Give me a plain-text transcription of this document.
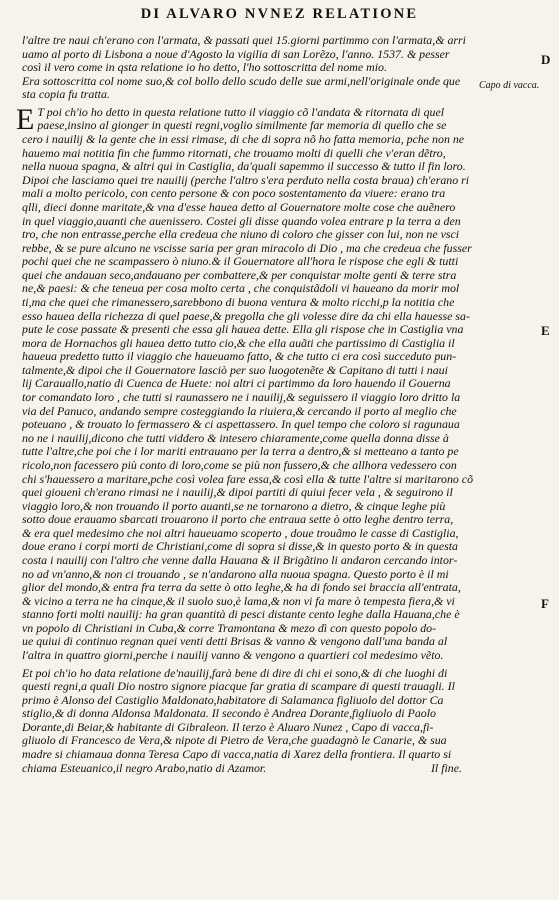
DI ALVARO NVNEZ RELATIONE
D
E
F
Capo di vacca.
l'altre tre naui ch'erano con l'armata, & passati quei 15.giorni partimmo con l'armata,& arri
uamo al porto di Lisbona a noue d'Agosto la vigilia di san Lorẽzo, l'anno. 1537. & pesser
così il vero come in qsta relatione io ho detto, l'ho sottoscritta del nome mio.
Era sottoscritta col nome suo,& col bollo dello scudo delle sue armi,nell'originale onde que
sta copia fu tratta.
E T poi ch'io ho detto in questa relatione tutto il viaggio cõ l'andata & ritornata di quel
paese,insino al gionger in questi regni,voglio similmente far memoria di quello che se
cero i nauilij & la gente che in essi rimase, di che di sopra nõ ho fatta memoria, pche non ne
hauemo mai notitia fin che fummo ritornati, che trouamo molti di quelli che v'eran dẽtro,
nella nuoua spagna, & altri qui in Castiglia, da'quali sapemmo il successo & tutto il fin loro.
Dipoi che lasciamo quei tre nauilij (perche l'altro s'era perduto nella costa braua) ch'erano ri
mali a molto pericolo, con cento persone & con poco sostentamento da viuere: erano tra
qlli, dieci donne maritate,& vna d'esse hauea detto al Gouernatore molte cose che auẽnero
in quel viaggio,auanti che auenissero. Costei gli disse quando volea entrare p la terra a den
tro, che non entrasse,perche ella credeua che niuno di coloro che gisser con lui, non ne vsci
rebbe, & se pure alcuno ne vscisse saria per gran miracolo di Dio , ma che credeua che fusser
pochi quei che ne scampassero ò niuno.& il Gouernatore all'hora le rispose che egli & tutti
quei che andauan seco,andauano per combattere,& per conquistar molte genti & terre stra
ne,& paesi: & che teneua per cosa molto certa , che conquistãdoli vi haueano da morir mol
ti,ma che quei che rimanessero,sarebbono di buona ventura & molto ricchi,p la notitia che
esso hauea della richezza di quel paese,& pregolla che gli volesse dire da chi ella hauesse sa-
pute le cose passate & presenti che essa gli hauea dette. Ella gli rispose che in Castiglia vna
mora de Hornachos gli hauea detto tutto cio,& che ella auãti che partissimo di Castiglia il
haueua predetto tutto il viaggio che haueuamo fatto, & che tutto ci era così succeduto pun-
talmente,& dipoi che il Gouernatore lasciò per suo luogotenẽte & Capitano di tutti i naui
lij Carauallo,natio di Cuenca de Huete: noi altri ci partimmo da loro hauendo il Gouerna
tor comandato loro , che tutti si raunassero ne i nauilij,& seguissero il viaggio loro dritto la
via del Panuco, andando sempre costeggiando la riuiera,& cercando il porto al meglio che
poteuano , & trouato lo fermassero & ci aspettassero. In quel tempo che coloro si ragunaua
no ne i nauilij,dicono che tutti viddero & intesero chiaramente,come quella donna disse à
tutte l'altre,che poi che i lor mariti entrauano per la terra a dentro,& si metteano a tanto pe
ricolo,non facessero più conto di loro,come se più non fussero,& che allhora vedessero con
chi s'hauessero a maritare,pche così volea fare essa,& così ella & tutte l'altre si maritarono cõ
quei giouenì ch'erano rimasi ne i nauilij,& dipoi partiti di quiui fecer vela , & seguirono il
viaggio loro,& non trouando il porto auanti,se ne tornarono a dietro, & cinque leghe più
sotto doue erauamo sbarcati trouarono il porto che entraua sette ò otto leghe dentro terra,
& era quel medesimo che noi altri haueuamo scoperto , doue trouãmo le casse di Castiglia,
doue erano i corpi morti de Christiani,come di sopra si disse,& in questo porto & in questa
costa i nauilij con l'altro che venne dalla Hauana & il Brigãtino li andaron cercando intor-
no ad vn'anno,& non ci trouando , se n'andarono alla nuoua spagna. Questo porto è il mi
glior del mondo,& entra fra terra da sette ò otto leghe,& ha di fondo sei braccia all'entrata,
& vicino a terra ne ha cinque,& il suolo suo,è lama,& non vi fa mare ò tempesta fiera,& vi
stanno forti molti nauilij: ha gran quantità di pesci distante cento leghe dalla Hauana,che è
vn popolo di Christiani in Cuba,& corre Tramontana & mezo dì con questo popolo do-
ue quiui di continuo regnan quei venti detti Brisas & vanno & vengono dall'una banda al
l'altra in quattro giorni,perche i nauilij vanno & vengono a quartieri col medesimo vẽto.
Et poi ch'io ho data relatione de'nauilij,farà bene di dire di chi ei sono,& di che luoghi di
questi regni,a quali Dio nostro signore piacque far gratia di scampare di questi trauagli. Il
primo è Alonso del Castiglio Maldonato,habitatore di Salamanca figliuolo del dottor Ca
stiglio,& di donna Aldonsa Maldonata. Il secondo è Andrea Dorante,figliuolo di Paolo
Dorante,di Beiar,& habitante di Gibraleon. Il terzo è Aluaro Nunez , Capo di vacca,fi-
gliuolo di Francesco de Vera,& nipote di Pietro de Vera,che guadagnò le Canarie, & sua
madre si chiamaua donna Teresa Capo di vacca,natia di Xarez della frontiera. Il quarto si
chiama Esteuanico,il negro Arabo,natio di Azamor.	Il fine.
